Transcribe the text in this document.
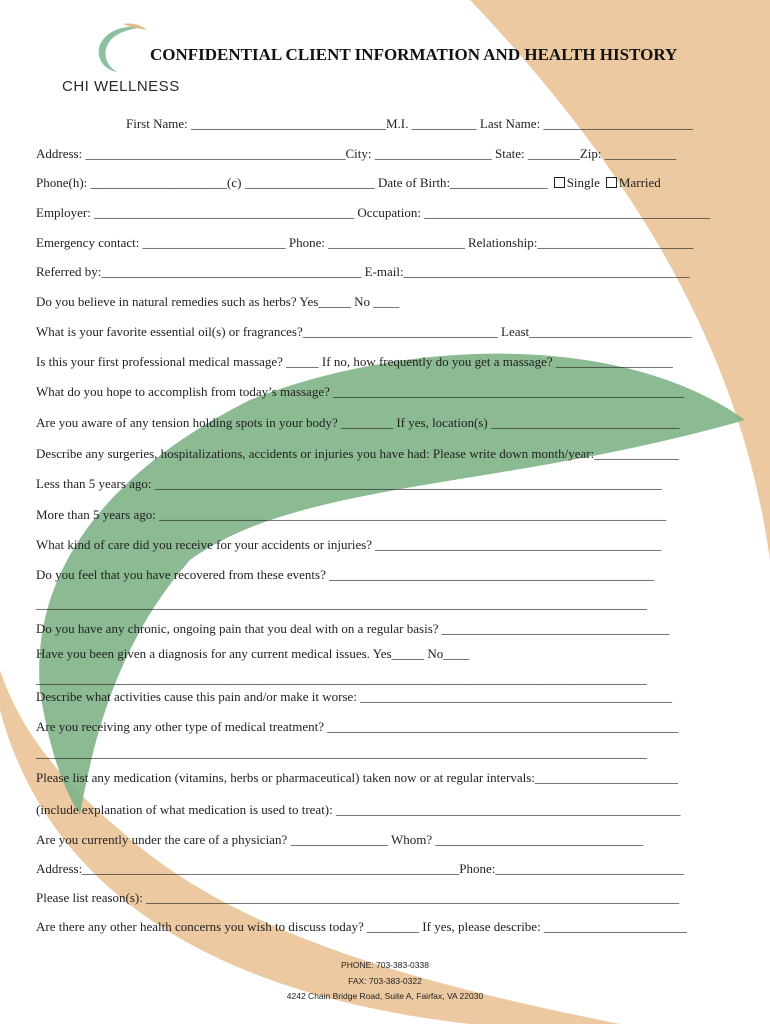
CHI WELLNESS
CONFIDENTIAL CLIENT INFORMATION AND HEALTH HISTORY
First Name: ______________________________M.I. __________ Last Name: _______________________
Address: ________________________________________City: __________________ State: ________Zip: ___________
Phone(h): _____________________(c) ____________________ Date of Birth:_______________ Single Married
Employer: ________________________________________ Occupation: ____________________________________________
Emergency contact: ______________________ Phone: _____________________ Relationship:________________________
Referred by:________________________________________ E-mail:____________________________________________
Do you believe in natural remedies such as herbs? Yes_____ No ____
What is your favorite essential oil(s) or fragrances?______________________________ Least_________________________
Is this your first professional medical massage? _____ If no, how frequently do you get a massage? __________________
What do you hope to accomplish from today’s massage? ______________________________________________________
Are you aware of any tension holding spots in your body? ________ If yes, location(s) _____________________________
Describe any surgeries, hospitalizations, accidents or injuries you have had: Please write down month/year:_____________
Less than 5 years ago: ______________________________________________________________________________
More than 5 years ago: ______________________________________________________________________________
What kind of care did you receive for your accidents or injuries? ____________________________________________
Do you feel that you have recovered from these events? __________________________________________________
______________________________________________________________________________________________
Do you have any chronic, ongoing pain that you deal with on a regular basis? ___________________________________
Have you been given a diagnosis for any current medical issues. Yes_____ No____
______________________________________________________________________________________________
Describe what activities cause this pain and/or make it worse: ________________________________________________
Are you receiving any other type of medical treatment? ______________________________________________________
______________________________________________________________________________________________
Please list any medication (vitamins, herbs or pharmaceutical) taken now or at regular intervals:______________________
(include explanation of what medication is used to treat): _____________________________________________________
Are you currently under the care of a physician? _______________ Whom? ________________________________
Address:__________________________________________________________Phone:_____________________________
Please list reason(s): __________________________________________________________________________________
Are there any other health concerns you wish to discuss today? ________ If yes, please describe: ______________________
PHONE: 703-383-0338
FAX: 703-383-0322
4242 Chain Bridge Road, Suite A, Fairfax, VA 22030
